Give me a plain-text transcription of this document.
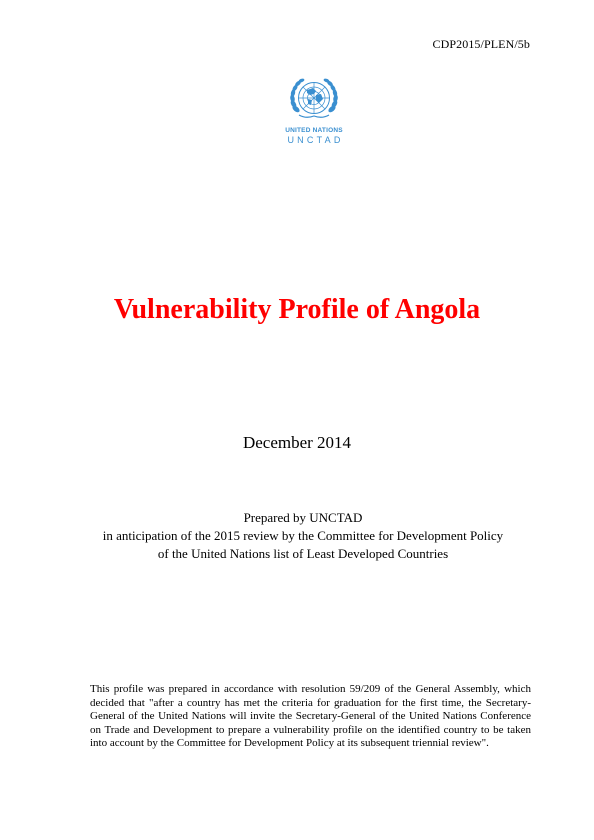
CDP2015/PLEN/5b
UNITED NATIONS
UNCTAD
Vulnerability Profile of Angola
December 2014
Prepared by UNCTAD
in anticipation of the 2015 review by the Committee for Development Policy
of the United Nations list of Least Developed Countries
This profile was prepared in accordance with resolution 59/209 of the General Assembly, which decided that "after a country has met the criteria for graduation for the first time, the Secretary-General of the United Nations will invite the Secretary-General of the United Nations Conference on Trade and Development to prepare a vulnerability profile on the identified country to be taken into account by the Committee for Development Policy at its subsequent triennial review".
